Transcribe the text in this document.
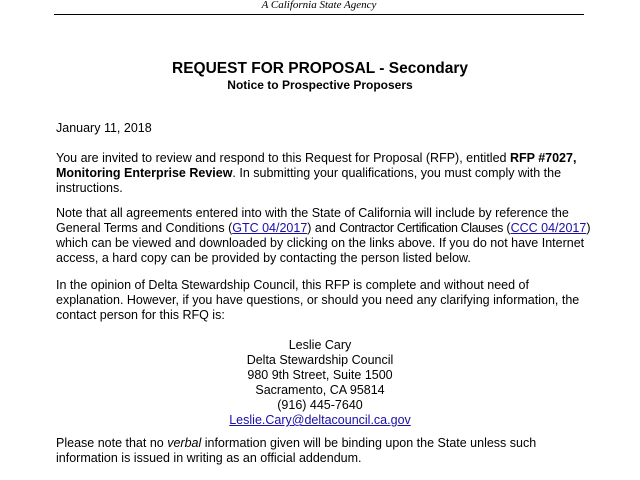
A California State Agency
REQUEST FOR PROPOSAL - Secondary
Notice to Prospective Proposers
January 11, 2018
You are invited to review and respond to this Request for Proposal (RFP), entitled RFP #7027, Monitoring Enterprise Review. In submitting your qualifications, you must comply with the instructions.
Note that all agreements entered into with the State of California will include by reference the General Terms and Conditions (GTC 04/2017) and Contractor Certification Clauses (CCC 04/2017) which can be viewed and downloaded by clicking on the links above. If you do not have Internet access, a hard copy can be provided by contacting the person listed below.
In the opinion of Delta Stewardship Council, this RFP is complete and without need of explanation. However, if you have questions, or should you need any clarifying information, the contact person for this RFQ is:
Leslie Cary
Delta Stewardship Council
980 9th Street, Suite 1500
Sacramento, CA 95814
(916) 445-7640
Leslie.Cary@deltacouncil.ca.gov
Please note that no verbal information given will be binding upon the State unless such information is issued in writing as an official addendum.
